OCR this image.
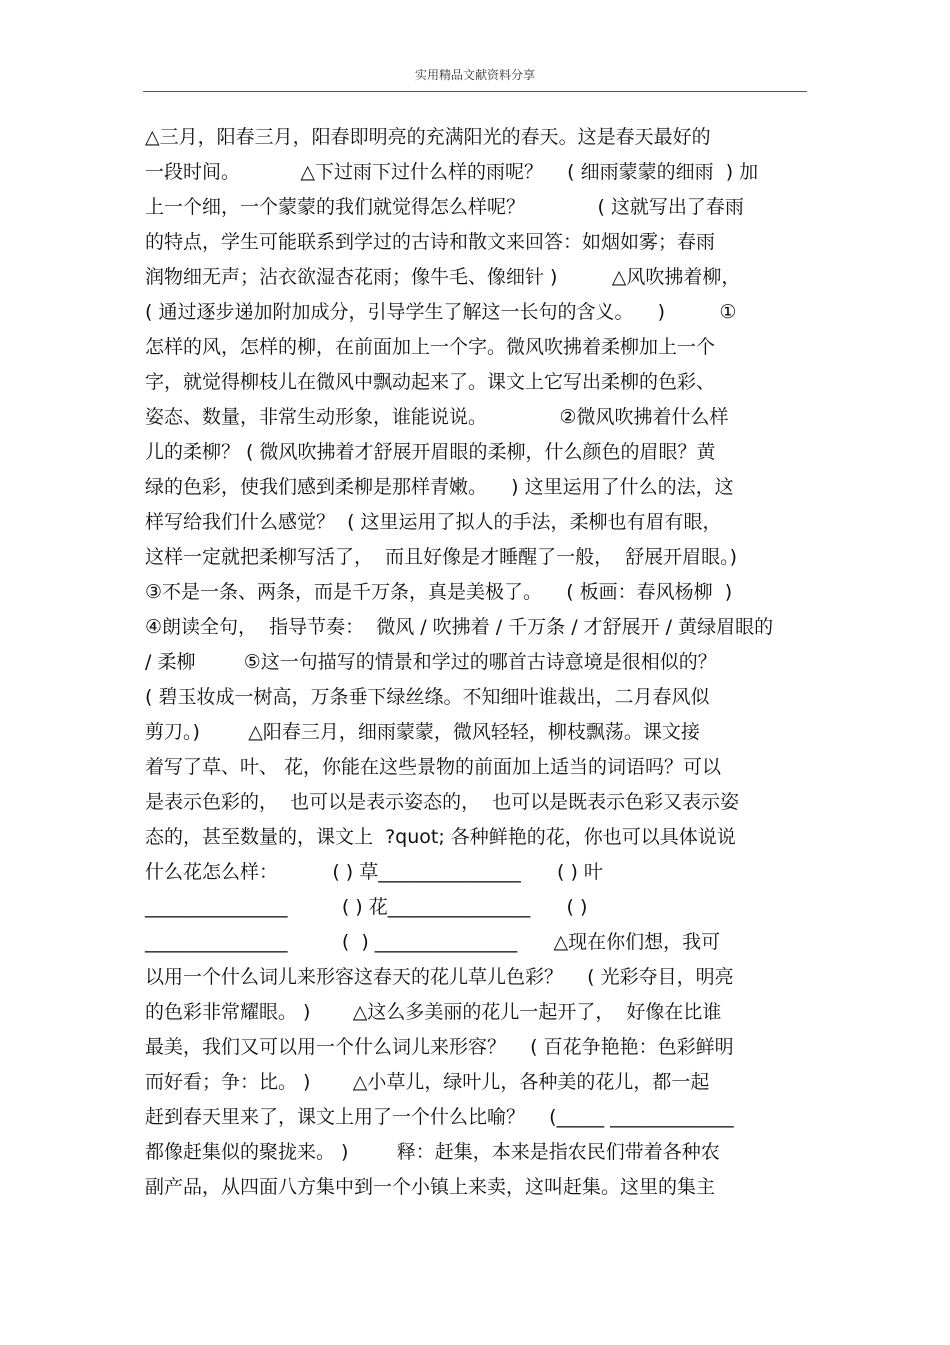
实用精品文献资料分享
△三月，阳春三月，阳春即明亮的充满阳光的春天。这是春天最好的
一段时间。          △下过雨下过什么样的雨呢？    ( 细雨蒙蒙的细雨  ) 加
上一个细，一个蒙蒙的我们就觉得怎么样呢？            ( 这就写出了春雨
的特点，学生可能联系到学过的古诗和散文来回答：如烟如雾；春雨
润物细无声；沾衣欲湿杏花雨；像牛毛、像细针 )         △风吹拂着柳，
( 通过逐步递加附加成分，引导学生了解这一长句的含义。    )         ①
怎样的风，怎样的柳，在前面加上一个字。微风吹拂着柔柳加上一个
字，就觉得柳枝儿在微风中飘动起来了。课文上它写出柔柳的色彩、
姿态、数量，非常生动形象，谁能说说。            ②微风吹拂着什么样
儿的柔柳？ ( 微风吹拂着才舒展开眉眼的柔柳，什么颜色的眉眼？黄
绿的色彩，使我们感到柔柳是那样青嫩。    ) 这里运用了什么的法，这
样写给我们什么感觉？  ( 这里运用了拟人的手法，柔柳也有眉有眼，
这样一定就把柔柳写活了，  而且好像是才睡醒了一般，  舒展开眉眼。)
③不是一条、两条，而是千万条，真是美极了。    ( 板画：春风杨柳  )
④朗读全句，  指导节奏：  微风 / 吹拂着 / 千万条 / 才舒展开 / 黄绿眉眼的
/ 柔柳        ⑤这一句描写的情景和学过的哪首古诗意境是很相似的？
( 碧玉妆成一树高，万条垂下绿丝绦。不知细叶谁裁出，二月春风似
剪刀。)        △阳春三月，细雨蒙蒙，微风轻轻，柳枝飘荡。课文接
着写了草、叶、 花，你能在这些景物的前面加上适当的词语吗？可以
是表示色彩的，  也可以是表示姿态的，  也可以是既表示色彩又表示姿
态的，甚至数量的，课文上  ?quot; 各种鲜艳的花，你也可以具体说说
什么花怎么样：         ( ) 草_______________      ( ) 叶
_______________         ( ) 花_______________      ( )
_______________         (  ) _______________      △现在你们想，我可
以用一个什么词儿来形容这春天的花儿草儿色彩？    ( 光彩夺目，明亮
的色彩非常耀眼。 )       △这么多美丽的花儿一起开了，  好像在比谁
最美，我们又可以用一个什么词儿来形容？    ( 百花争艳艳：色彩鲜明
而好看；争：比。 )       △小草儿，绿叶儿，各种美的花儿，都一起
赶到春天里来了，课文上用了一个什么比喻？    (_____ _____________
都像赶集似的聚拢来。 )        释：赶集，本来是指农民们带着各种农
副产品，从四面八方集中到一个小镇上来卖，这叫赶集。这里的集主
